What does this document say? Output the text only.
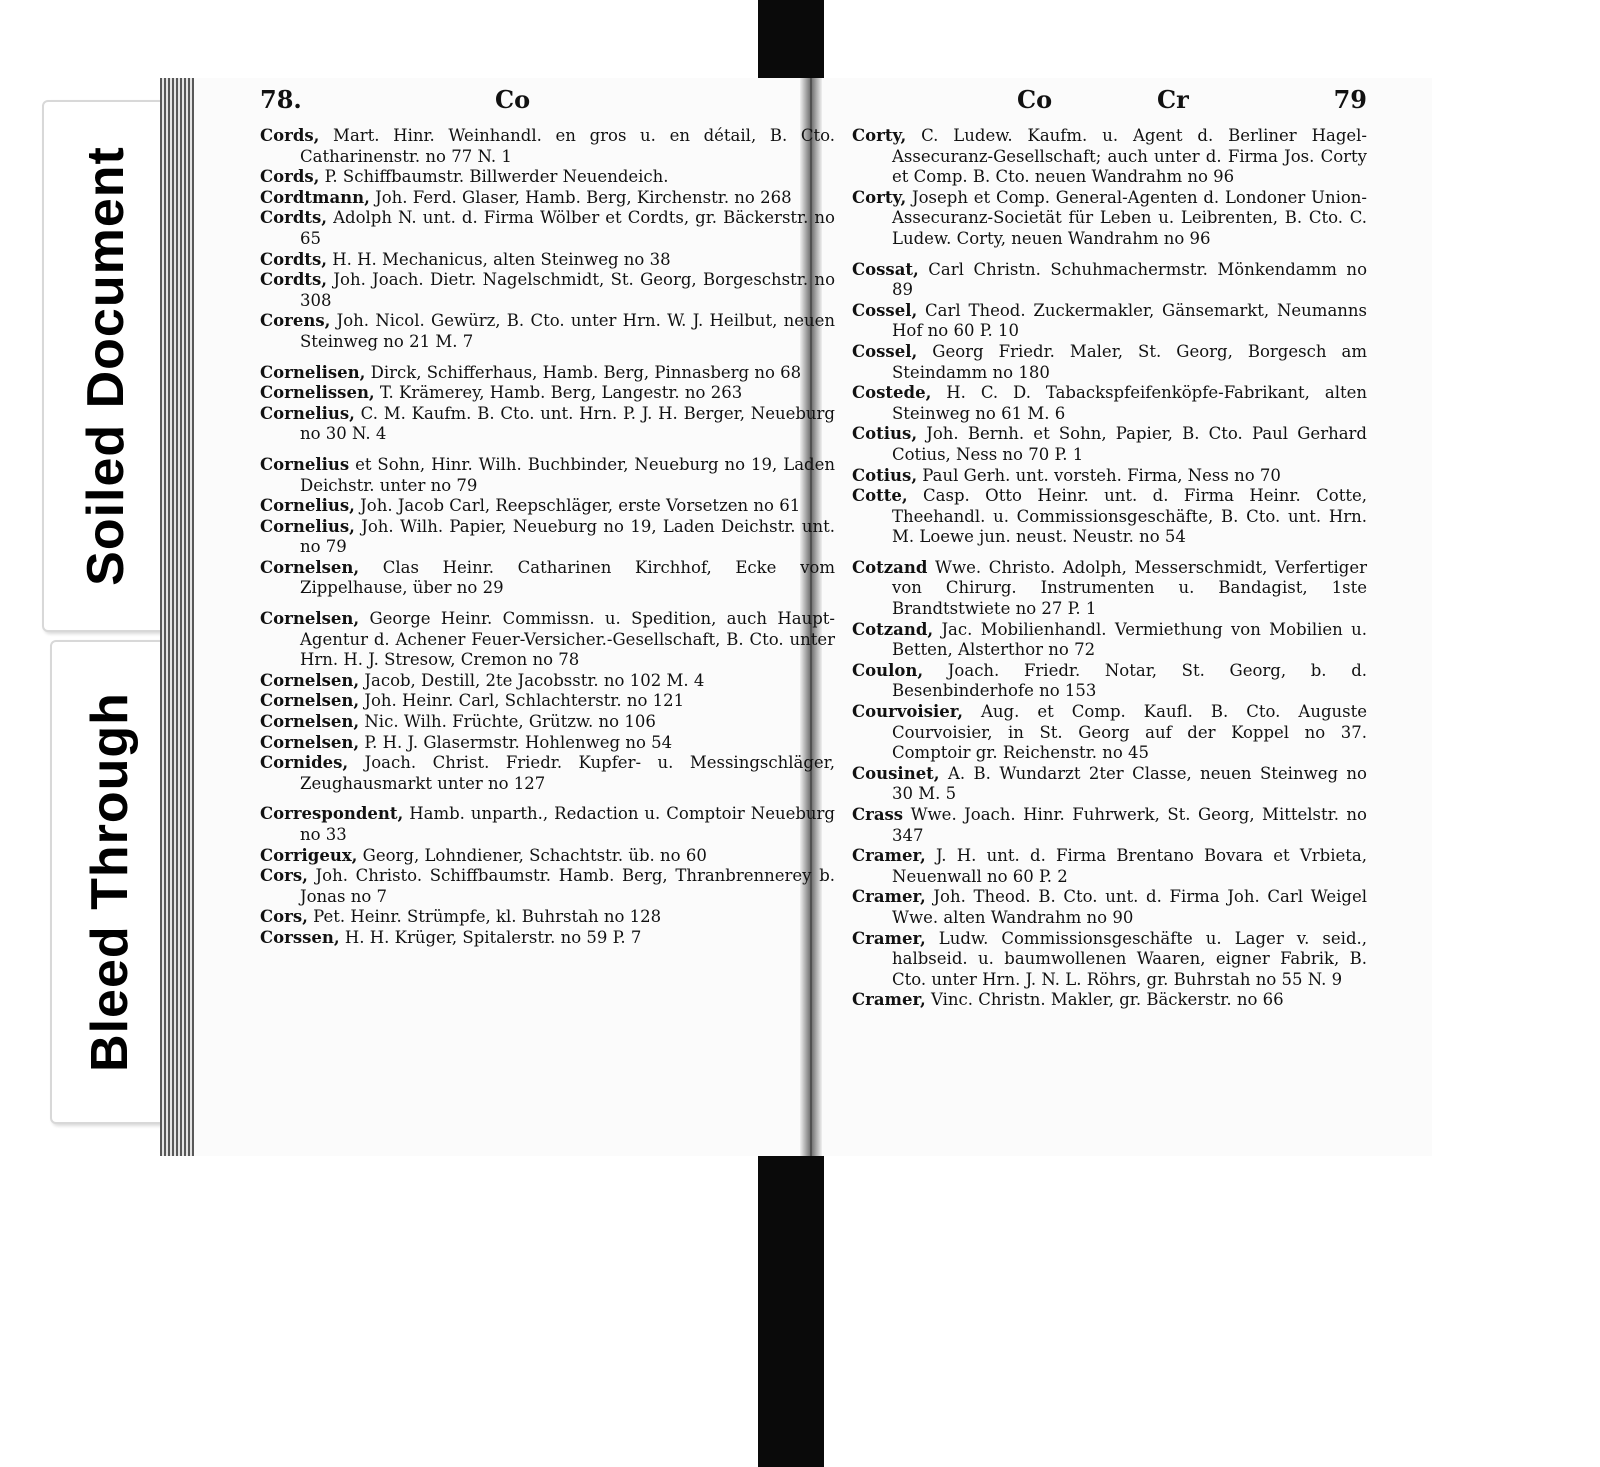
Soiled Document
Bleed Through
78.	Co

Cords, Mart. Hinr. Weinhandl. en gros u. en détail, B. Cto. Catharinenstr. no 77 N. 1

Cords, P. Schiffbaumstr. Billwerder Neuendeich.

Cordtmann, Joh. Ferd. Glaser, Hamb. Berg, Kirchenstr. no 268

Cordts, Adolph N. unt. d. Firma Wölber et Cordts, gr. Bäckerstr. no 65

Cordts, H. H. Mechanicus, alten Steinweg no 38

Cordts, Joh. Joach. Dietr. Nagelschmidt, St. Georg, Borgeschstr. no 308

Corens, Joh. Nicol. Gewürz, B. Cto. unter Hrn. W. J. Heilbut, neuen Steinweg no 21 M. 7

Cornelisen, Dirck, Schifferhaus, Hamb. Berg, Pinnasberg no 68

Cornelissen, T. Krämerey, Hamb. Berg, Langestr. no 263

Cornelius, C. M. Kaufm. B. Cto. unt. Hrn. P. J. H. Berger, Neueburg no 30 N. 4

Cornelius et Sohn, Hinr. Wilh. Buchbinder, Neueburg no 19, Laden Deichstr. unter no 79

Cornelius, Joh. Jacob Carl, Reepschläger, erste Vorsetzen no 61

Cornelius, Joh. Wilh. Papier, Neueburg no 19, Laden Deichstr. unt. no 79

Cornelsen, Clas Heinr. Catharinen Kirchhof, Ecke vom Zippelhause, über no 29

Cornelsen, George Heinr. Commissn. u. Spedition, auch Haupt-Agentur d. Achener Feuer-Versicher.-Gesellschaft, B. Cto. unter Hrn. H. J. Stresow, Cremon no 78

Cornelsen, Jacob, Destill, 2te Jacobsstr. no 102 M. 4

Cornelsen, Joh. Heinr. Carl, Schlachterstr. no 121

Cornelsen, Nic. Wilh. Früchte, Grützw. no 106

Cornelsen, P. H. J. Glasermstr. Hohlenweg no 54

Cornides, Joach. Christ. Friedr. Kupfer- u. Messingschläger, Zeughausmarkt unter no 127

Correspondent, Hamb. unparth., Redaction u. Comptoir Neueburg no 33

Corrigeux, Georg, Lohndiener, Schachtstr. üb. no 60

Cors, Joh. Christo. Schiffbaumstr. Hamb. Berg, Thranbrennerey b. Jonas no 7

Cors, Pet. Heinr. Strümpfe, kl. Buhrstah no 128

Corssen, H. H. Krüger, Spitalerstr. no 59 P. 7

Co	Cr	79

Corty, C. Ludew. Kaufm. u. Agent d. Berliner Hagel-Assecuranz-Gesellschaft; auch unter d. Firma Jos. Corty et Comp. B. Cto. neuen Wandrahm no 96

Corty, Joseph et Comp. General-Agenten d. Londoner Union-Assecuranz-Societät für Leben u. Leibrenten, B. Cto. C. Ludew. Corty, neuen Wandrahm no 96

Cossat, Carl Christn. Schuhmachermstr. Mönkendamm no 89

Cossel, Carl Theod. Zuckermakler, Gänsemarkt, Neumanns Hof no 60 P. 10

Cossel, Georg Friedr. Maler, St. Georg, Borgesch am Steindamm no 180

Costede, H. C. D. Tabackspfeifenköpfe-Fabrikant, alten Steinweg no 61 M. 6

Cotius, Joh. Bernh. et Sohn, Papier, B. Cto. Paul Gerhard Cotius, Ness no 70 P. 1

Cotius, Paul Gerh. unt. vorsteh. Firma, Ness no 70

Cotte, Casp. Otto Heinr. unt. d. Firma Heinr. Cotte, Theehandl. u. Commissionsgeschäfte, B. Cto. unt. Hrn. M. Loewe jun. neust. Neustr. no 54

Cotzand Wwe. Christo. Adolph, Messerschmidt, Verfertiger von Chirurg. Instrumenten u. Bandagist, 1ste Brandtstwiete no 27 P. 1

Cotzand, Jac. Mobilienhandl. Vermiethung von Mobilien u. Betten, Alsterthor no 72

Coulon, Joach. Friedr. Notar, St. Georg, b. d. Besenbinderhofe no 153

Courvoisier, Aug. et Comp. Kaufl. B. Cto. Auguste Courvoisier, in St. Georg auf der Koppel no 37. Comptoir gr. Reichenstr. no 45

Cousinet, A. B. Wundarzt 2ter Classe, neuen Steinweg no 30 M. 5

Crass Wwe. Joach. Hinr. Fuhrwerk, St. Georg, Mittelstr. no 347

Cramer, J. H. unt. d. Firma Brentano Bovara et Vrbieta, Neuenwall no 60 P. 2

Cramer, Joh. Theod. B. Cto. unt. d. Firma Joh. Carl Weigel Wwe. alten Wandrahm no 90

Cramer, Ludw. Commissionsgeschäfte u. Lager v. seid., halbseid. u. baumwollenen Waaren, eigner Fabrik, B. Cto. unter Hrn. J. N. L. Röhrs, gr. Buhrstah no 55 N. 9

Cramer, Vinc. Christn. Makler, gr. Bäckerstr. no 66
